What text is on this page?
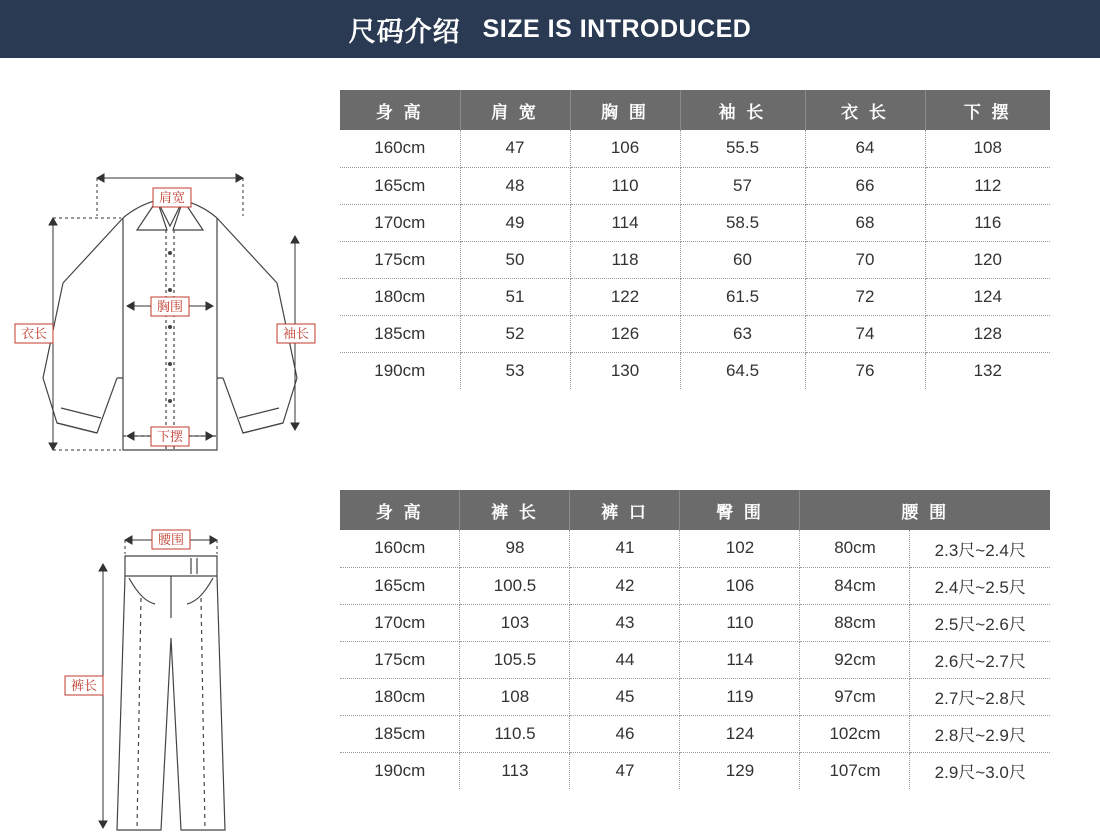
尺码介绍 SIZE IS INTRODUCED
肩宽
胸围
下摆
衣长	袖长
身 高	肩 宽	胸 围	袖 长	衣 长	下 摆
160cm	47	106	55.5	64	108
165cm	48	110	57	66	112
170cm	49	114	58.5	68	116
175cm	50	118	60	70	120
180cm	51	122	61.5	72	124
185cm	52	126	63	74	128
190cm	53	130	64.5	76	132
腰围
裤长
身 高	裤 长	裤 口	臀 围	腰 围	
160cm	98	41	102	80cm	2.3尺~2.4尺
165cm	100.5	42	106	84cm	2.4尺~2.5尺
170cm	103	43	110	88cm	2.5尺~2.6尺
175cm	105.5	44	114	92cm	2.6尺~2.7尺
180cm	108	45	119	97cm	2.7尺~2.8尺
185cm	110.5	46	124	102cm	2.8尺~2.9尺
190cm	113	47	129	107cm	2.9尺~3.0尺
